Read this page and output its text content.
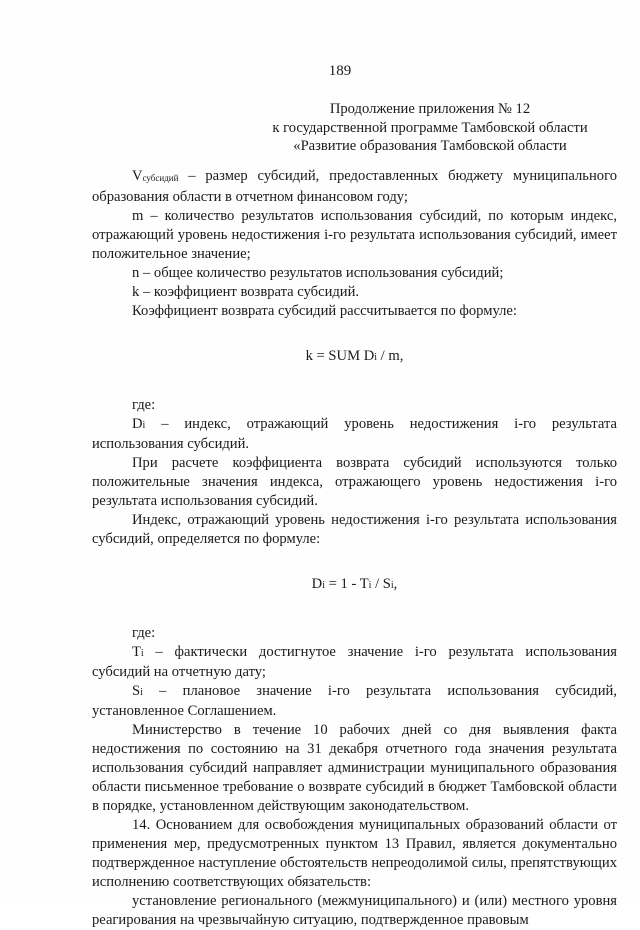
189
Продолжение приложения № 12
к государственной программе Тамбовской области
«Развитие образования Тамбовской области

Vсубсидий – размер субсидий, предоставленных бюджету муниципального образования области в отчетном финансовом году;

m – количество результатов использования субсидий, по которым индекс, отражающий уровень недостижения i-го результата использования субсидий, имеет положительное значение;

n – общее количество результатов использования субсидий;

k – коэффициент возврата субсидий.

Коэффициент возврата субсидий рассчитывается по формуле:

k = SUM Di / m,

где:

Di – индекс, отражающий уровень недостижения i-го результата использования субсидий.

При расчете коэффициента возврата субсидий используются только положительные значения индекса, отражающего уровень недостижения i-го результата использования субсидий.

Индекс, отражающий уровень недостижения i-го результата использования субсидий, определяется по формуле:

Di = 1 - Ti / Si,

где:

Ti – фактически достигнутое значение i-го результата использования субсидий на отчетную дату;

Si – плановое значение i-го результата использования субсидий, установленное Соглашением.

Министерство в течение 10 рабочих дней со дня выявления факта недостижения по состоянию на 31 декабря отчетного года значения результата использования субсидий направляет администрации муниципального образования области письменное требование о возврате субсидий в бюджет Тамбовской области в порядке, установленном действующим законодательством.

14. Основанием для освобождения муниципальных образований области от применения мер, предусмотренных пунктом 13 Правил, является документально подтвержденное наступление обстоятельств непреодолимой силы, препятствующих исполнению соответствующих обязательств:

установление регионального (межмуниципального) и (или) местного уровня реагирования на чрезвычайную ситуацию, подтвержденное правовым
